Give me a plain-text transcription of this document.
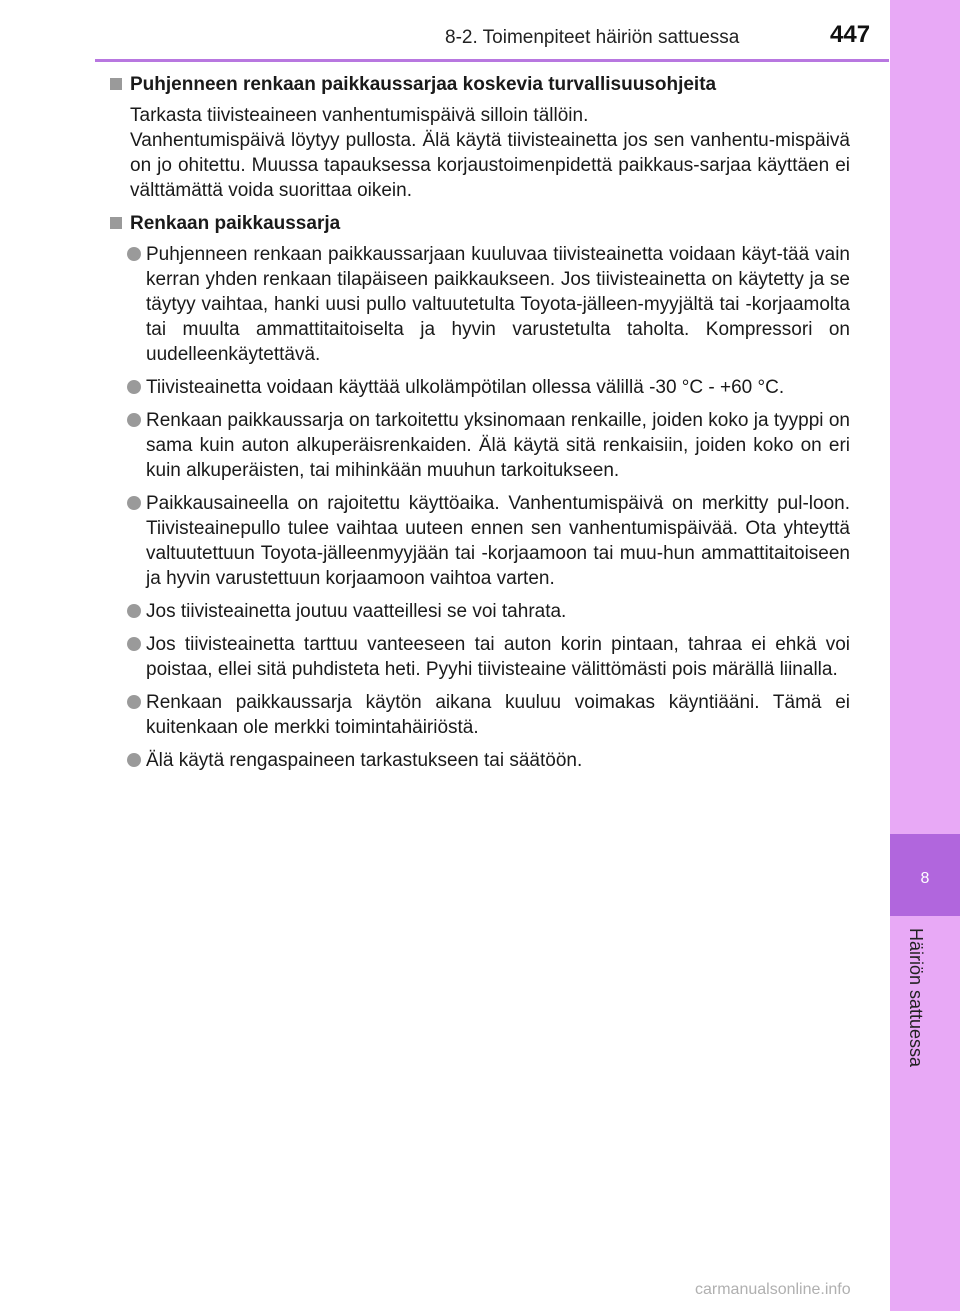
8
Häiriön sattuessa
8-2. Toimenpiteet häiriön sattuessa	447
Puhjenneen renkaan paikkaussarjaa koskevia turvallisuusohjeita
Tarkasta tiivisteaineen vanhentumispäivä silloin tällöin.
Vanhentumispäivä löytyy pullosta. Älä käytä tiivisteainetta jos sen vanhentu-mispäivä on jo ohitettu. Muussa tapauksessa korjaustoimenpidettä paikkaus-sarjaa käyttäen ei välttämättä voida suorittaa oikein.
Renkaan paikkaussarja
Puhjenneen renkaan paikkaussarjaan kuuluvaa tiivisteainetta voidaan käyt-tää vain kerran yhden renkaan tilapäiseen paikkaukseen. Jos tiivisteainetta on käytetty ja se täytyy vaihtaa, hanki uusi pullo valtuutetulta Toyota-jälleen-myyjältä tai -korjaamolta tai muulta ammattitaitoiselta ja hyvin varustetulta taholta. Kompressori on uudelleenkäytettävä.
Tiivisteainetta voidaan käyttää ulkolämpötilan ollessa välillä -30 °C - +60 °C.
Renkaan paikkaussarja on tarkoitettu yksinomaan renkaille, joiden koko ja tyyppi on sama kuin auton alkuperäisrenkaiden. Älä käytä sitä renkaisiin, joiden koko on eri kuin alkuperäisten, tai mihinkään muuhun tarkoitukseen.
Paikkausaineella on rajoitettu käyttöaika. Vanhentumispäivä on merkitty pul-loon. Tiivisteainepullo tulee vaihtaa uuteen ennen sen vanhentumispäivää. Ota yhteyttä valtuutettuun Toyota-jälleenmyyjään tai -korjaamoon tai muu-hun ammattitaitoiseen ja hyvin varustettuun korjaamoon vaihtoa varten.
Jos tiivisteainetta joutuu vaatteillesi se voi tahrata.
Jos tiivisteainetta tarttuu vanteeseen tai auton korin pintaan, tahraa ei ehkä voi poistaa, ellei sitä puhdisteta heti. Pyyhi tiivisteaine välittömästi pois märällä liinalla.
Renkaan paikkaussarja käytön aikana kuuluu voimakas käyntiääni. Tämä ei kuitenkaan ole merkki toimintahäiriöstä.
Älä käytä rengaspaineen tarkastukseen tai säätöön.
carmanualsonline.info
